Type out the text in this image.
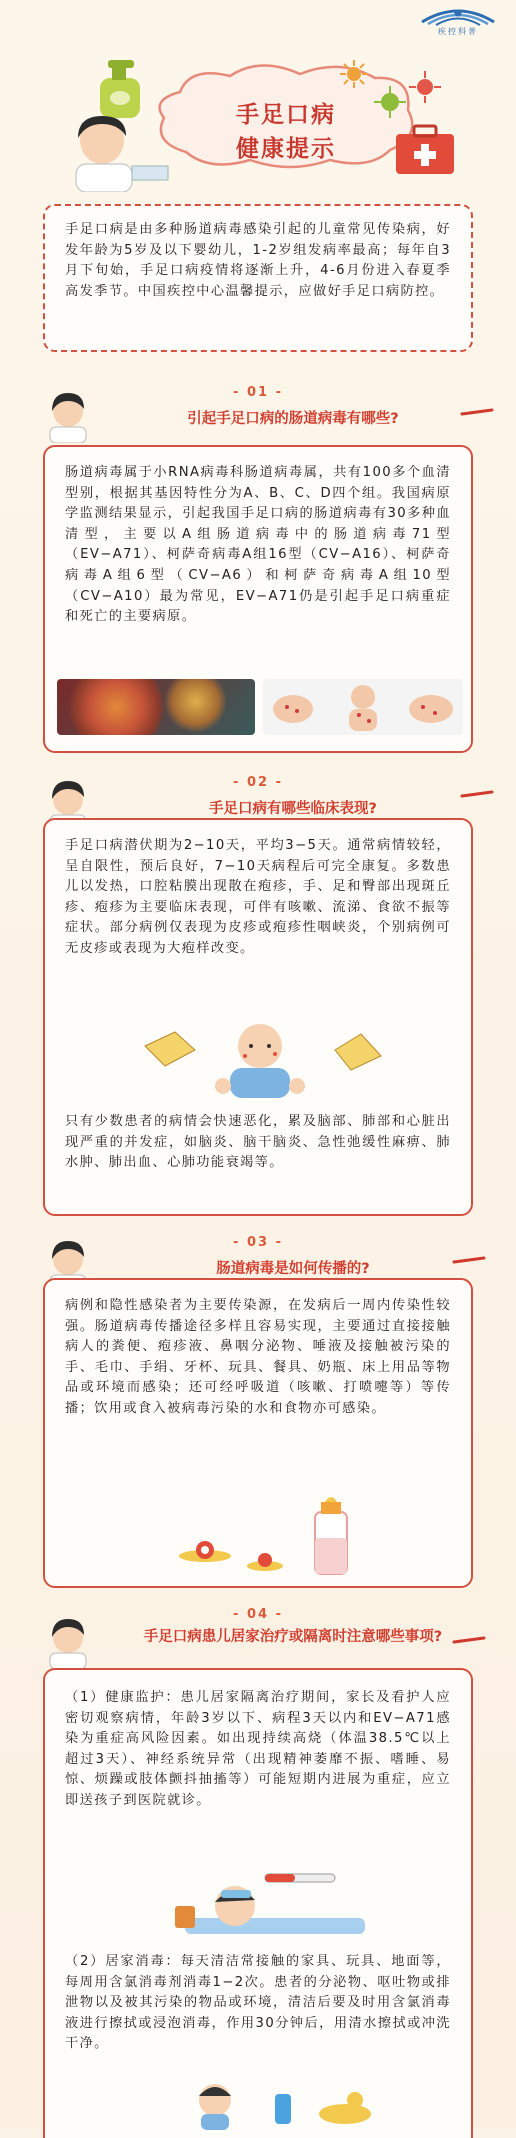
疾控科普
手足口病
健康提示
手足口病是由多种肠道病毒感染引起的儿童常见传染病，好发年龄为5岁及以下婴幼儿，1-2岁组发病率最高；每年自3月下旬始，手足口病疫情将逐渐上升，4-6月份进入春夏季高发季节。中国疾控中心温馨提示，应做好手足口病防控。
- 01 -
引起手足口病的肠道病毒有哪些?
肠道病毒属于小RNA病毒科肠道病毒属，共有100多个血清型别，根据其基因特性分为A、B、C、D四个组。我国病原学监测结果显示，引起我国手足口病的肠道病毒有30多种血清型，主要以A组肠道病毒中的肠道病毒71型（EV−A71）、柯萨奇病毒A组16型（CV−A16）、柯萨奇病毒A组6型（CV−A6）和柯萨奇病毒A组10型（CV−A10）最为常见，EV−A71仍是引起手足口病重症和死亡的主要病原。
- 02 -
手足口病有哪些临床表现?
手足口病潜伏期为2−10天，平均3−5天。通常病情较轻，呈自限性，预后良好，7−10天病程后可完全康复。多数患儿以发热，口腔粘膜出现散在疱疹，手、足和臀部出现斑丘疹、疱疹为主要临床表现，可伴有咳嗽、流涕、食欲不振等症状。部分病例仅表现为皮疹或疱疹性咽峡炎，个别病例可无皮疹或表现为大疱样改变。
只有少数患者的病情会快速恶化，累及脑部、肺部和心脏出现严重的并发症，如脑炎、脑干脑炎、急性弛缓性麻痹、肺水肿、肺出血、心肺功能衰竭等。
- 03 -
肠道病毒是如何传播的?
病例和隐性感染者为主要传染源，在发病后一周内传染性较强。肠道病毒传播途径多样且容易实现，主要通过直接接触病人的粪便、疱疹液、鼻咽分泌物、唾液及接触被污染的手、毛巾、手绢、牙杯、玩具、餐具、奶瓶、床上用品等物品或环境而感染；还可经呼吸道（咳嗽、打喷嚏等）等传播；饮用或食入被病毒污染的水和食物亦可感染。
- 04 -
手足口病患儿居家治疗或隔离时注意哪些事项?
（1）健康监护：患儿居家隔离治疗期间，家长及看护人应密切观察病情，年龄3岁以下、病程3天以内和EV−A71感染为重症高风险因素。如出现持续高烧（体温38.5℃以上超过3天）、神经系统异常（出现精神萎靡不振、嗜睡、易惊、烦躁或肢体颤抖抽搐等）可能短期内进展为重症，应立即送孩子到医院就诊。
（2）居家消毒：每天清洁常接触的家具、玩具、地面等，每周用含氯消毒剂消毒1−2次。患者的分泌物、呕吐物或排泄物以及被其污染的物品或环境，清洁后要及时用含氯消毒液进行擦拭或浸泡消毒，作用30分钟后，用清水擦拭或冲洗干净。
